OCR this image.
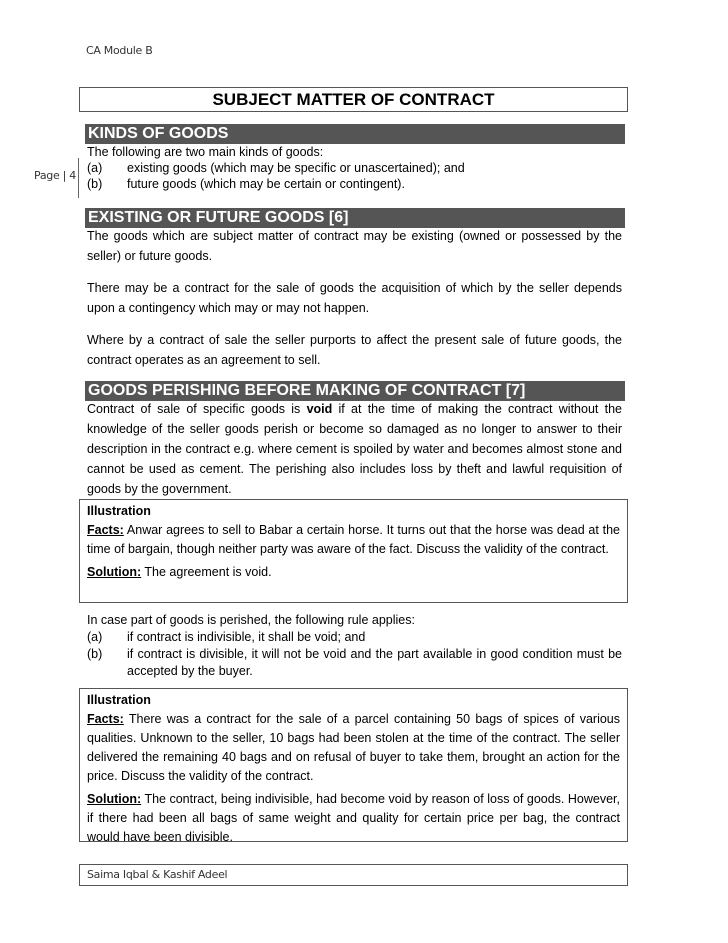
CA Module B
Page | 4
SUBJECT MATTER OF CONTRACT
KINDS OF GOODS
The following are two main kinds of goods:
(a)	existing goods (which may be specific or unascertained); and
(b)	future goods (which may be certain or contingent).
EXISTING OR FUTURE GOODS [6]
The goods which are subject matter of contract may be existing (owned or possessed by the seller) or future goods.
There may be a contract for the sale of goods the acquisition of which by the seller depends upon a contingency which may or may not happen.
Where by a contract of sale the seller purports to affect the present sale of future goods, the contract operates as an agreement to sell.
GOODS PERISHING BEFORE MAKING OF CONTRACT [7]
Contract of sale of specific goods is void if at the time of making the contract without the knowledge of the seller goods perish or become so damaged as no longer to answer to their description in the contract e.g. where cement is spoiled by water and becomes almost stone and cannot be used as cement. The perishing also includes loss by theft and lawful requisition of goods by the government.
Illustration

Facts: Anwar agrees to sell to Babar a certain horse. It turns out that the horse was dead at the time of bargain, though neither party was aware of the fact. Discuss the validity of the contract.

Solution: The agreement is void.

In case part of goods is perished, the following rule applies:
(a)	if contract is indivisible, it shall be void; and
(b)	if contract is divisible, it will not be void and the part available in good condition must be accepted by the buyer.
Illustration

Facts: There was a contract for the sale of a parcel containing 50 bags of spices of various qualities. Unknown to the seller, 10 bags had been stolen at the time of the contract. The seller delivered the remaining 40 bags and on refusal of buyer to take them, brought an action for the price. Discuss the validity of the contract.

Solution: The contract, being indivisible, had become void by reason of loss of goods. However, if there had been all bags of same weight and quality for certain price per bag, the contract would have been divisible.

Saima Iqbal & Kashif Adeel
